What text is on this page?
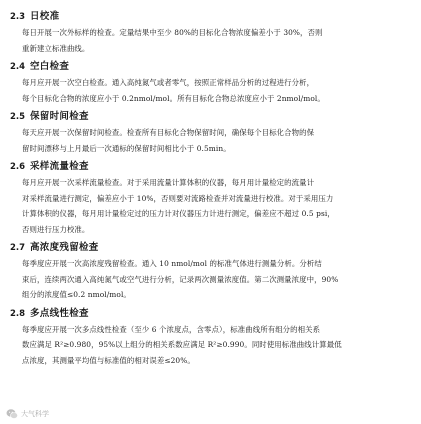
2.3 日校准
每日开展一次外标样的检查。定量结果中至少 80%的目标化合物浓度偏差小于 30%，否则
重新建立标准曲线。
2.4 空白检查
每月应开展一次空白检查。通入高纯氮气或者零气，按照正常样品分析的过程进行分析，
每个目标化合物的浓度应小于 0.2nmol/mol。所有目标化合物总浓度应小于 2nmol/mol。
2.5 保留时间检查
每天应开展一次保留时间检查。检查所有目标化合物保留时间，确保每个目标化合物的保
留时间漂移与上月最后一次通标的保留时间相比小于 0.5min。
2.6 采样流量检查
每月应开展一次采样流量检查。对于采用流量计算体积的仪器，每月用计量检定的流量计
对采样流量进行测定，偏差应小于 10%，否则要对流路检查并对流量进行校准。对于采用压力
计算体积的仪器，每月用计量检定过的压力计对仪器压力计进行测定，偏差应不超过 0.5 psi，
否则进行压力校准。
2.7 高浓度残留检查
每季度应开展一次高浓度残留检查。通入 10 nmol/mol 的标准气体进行测量分析。分析结
束后，连续两次通入高纯氮气或空气进行分析，记录两次测量浓度值。第二次测量浓度中，90%
组分的浓度值≤0.2 nmol/mol。
2.8 多点线性检查
每季度应开展一次多点线性检查（至少 6 个浓度点，含零点），标准曲线所有组分的相关系
数应满足 R²≥0.980，95%以上组分的相关系数应满足 R²≥0.990。同时使用标准曲线计算最低
点浓度，其测量平均值与标准值的相对误差≤20%。
大气科学
